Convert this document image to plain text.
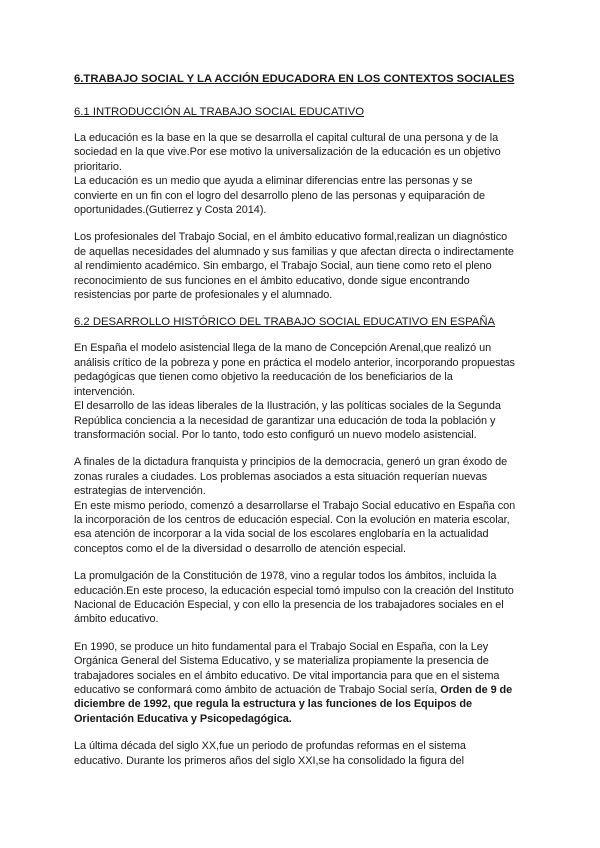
6.TRABAJO SOCIAL Y LA ACCIÓN EDUCADORA EN LOS CONTEXTOS SOCIALES
6.1 INTRODUCCIÓN AL TRABAJO SOCIAL EDUCATIVO

La educación es la base en la que se desarrolla el capital cultural de una persona y de la
sociedad en la que vive.Por ese motivo la universalización de la educación es un objetivo
prioritario.
La educación es un medio que ayuda a eliminar diferencias entre las personas y se
convierte en un fin con el logro del desarrollo pleno de las personas y equiparación de
oportunidades.(Gutierrez y Costa 2014).

Los profesionales del Trabajo Social, en el ámbito educativo formal,realizan un diagnóstico
de aquellas necesidades del alumnado y sus familias y que afectan directa o indirectamente
al rendimiento académico. Sin embargo, el Trabajo Social, aun tiene como reto el pleno
reconocimiento de sus funciones en el ámbito educativo, donde sigue encontrando
resistencias por parte de profesionales y el alumnado.

6.2 DESARROLLO HISTÓRICO DEL TRABAJO SOCIAL EDUCATIVO EN ESPAÑA

En España el modelo asistencial llega de la mano de Concepción Arenal,que realizó un
análisis crítico de la pobreza y pone en práctica el modelo anterior, incorporando propuestas
pedagógicas que tienen como objetivo la reeducación de los beneficiarios de la
intervención.
El desarrollo de las ideas liberales de la Ilustración, y las políticas sociales de la Segunda
República conciencia a la necesidad de garantizar una educación de toda la población y
transformación social. Por lo tanto, todo esto configuró un nuevo modelo asistencial.

A finales de la dictadura franquista y principios de la democracia, generó un gran éxodo de
zonas rurales a ciudades. Los problemas asociados a esta situación requerían nuevas
estrategias de intervención.
En este mismo periodo, comenzó a desarrollarse el Trabajo Social educativo en España con
la incorporación de los centros de educación especial. Con la evolución en materia escolar,
esa atención de incorporar a la vida social de los escolares englobaría en la actualidad
conceptos como el de la diversidad o desarrollo de atención especial.

La promulgación de la Constitución de 1978, vino a regular todos los ámbitos, incluida la
educación.En este proceso, la educación especial tomó impulso con la creación del Instituto
Nacional de Educación Especial, y con ello la presencia de los trabajadores sociales en el
ámbito educativo.

En 1990, se produce un hito fundamental para el Trabajo Social en España, con la Ley
Orgánica General del Sistema Educativo, y se materializa propiamente la presencia de
trabajadores sociales en el ámbito educativo. De vital importancia para que en el sistema
educativo se conformará como ámbito de actuación de Trabajo Social sería, Orden de 9 de
diciembre de 1992, que regula la estructura y las funciones de los Equipos de
Orientación Educativa y Psicopedagógica.

La última década del siglo XX,fue un periodo de profundas reformas en el sistema
educativo. Durante los primeros años del siglo XXI,se ha consolidado la figura del
